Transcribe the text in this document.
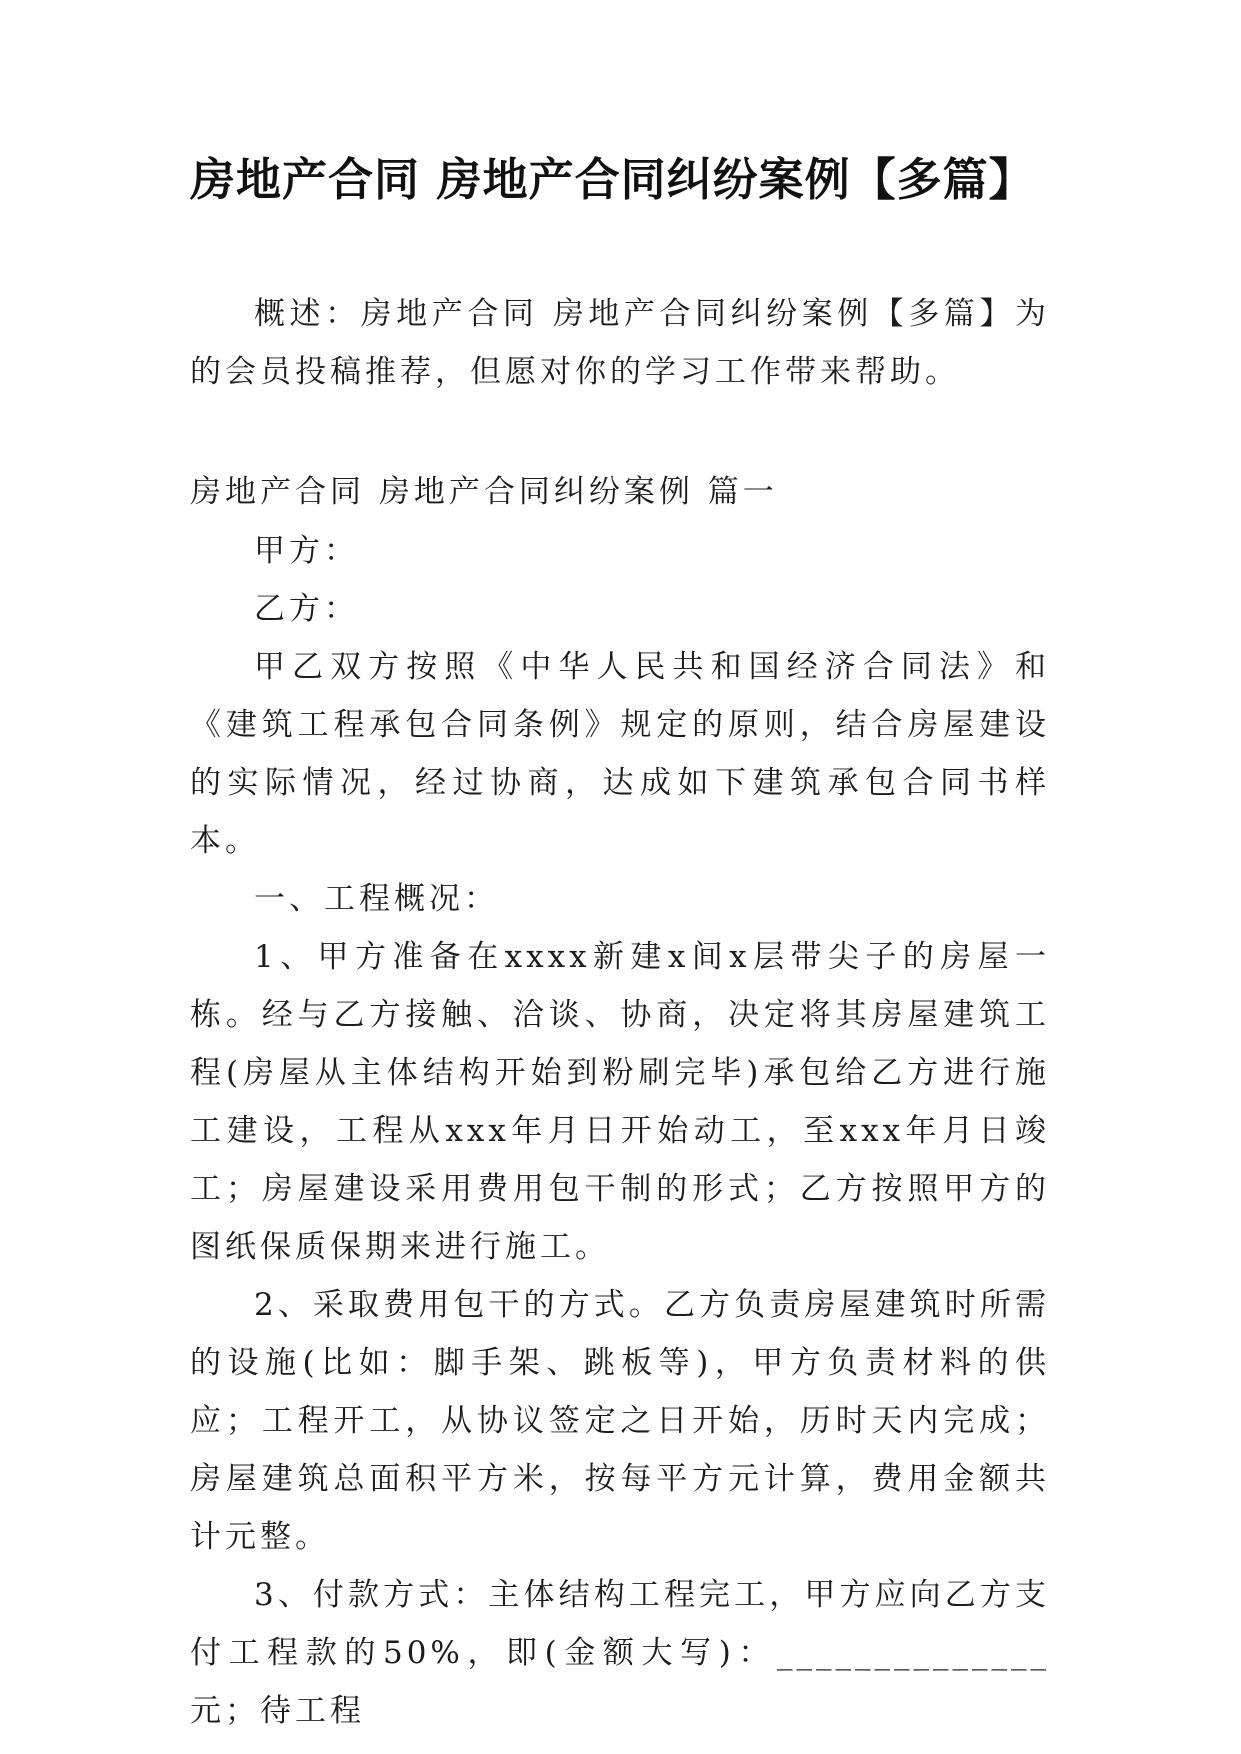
房地产合同 房地产合同纠纷案例【多篇】
概述：房地产合同 房地产合同纠纷案例【多篇】为的会员投稿推荐，但愿对你的学习工作带来帮助。
房地产合同 房地产合同纠纷案例 篇一

甲方：

乙方：

甲乙双方按照《中华人民共和国经济合同法》和《建筑工程承包合同条例》规定的原则，结合房屋建设的实际情况，经过协商，达成如下建筑承包合同书样本。

一、工程概况：

1、甲方准备在xxxx新建x间x层带尖子的房屋一栋。经与乙方接触、洽谈、协商，决定将其房屋建筑工程(房屋从主体结构开始到粉刷完毕)承包给乙方进行施工建设，工程从xxx年月日开始动工，至xxx年月日竣工；房屋建设采用费用包干制的形式；乙方按照甲方的图纸保质保期来进行施工。

2、采取费用包干的方式。乙方负责房屋建筑时所需的设施(比如：脚手架、跳板等)，甲方负责材料的供应；工程开工，从协议签定之日开始，历时天内完成；房屋建筑总面积平方米，按每平方元计算，费用金额共计元整。

3、付款方式：主体结构工程完工，甲方应向乙方支付工程款的50%，即(金额大写)：______________元；待工程
